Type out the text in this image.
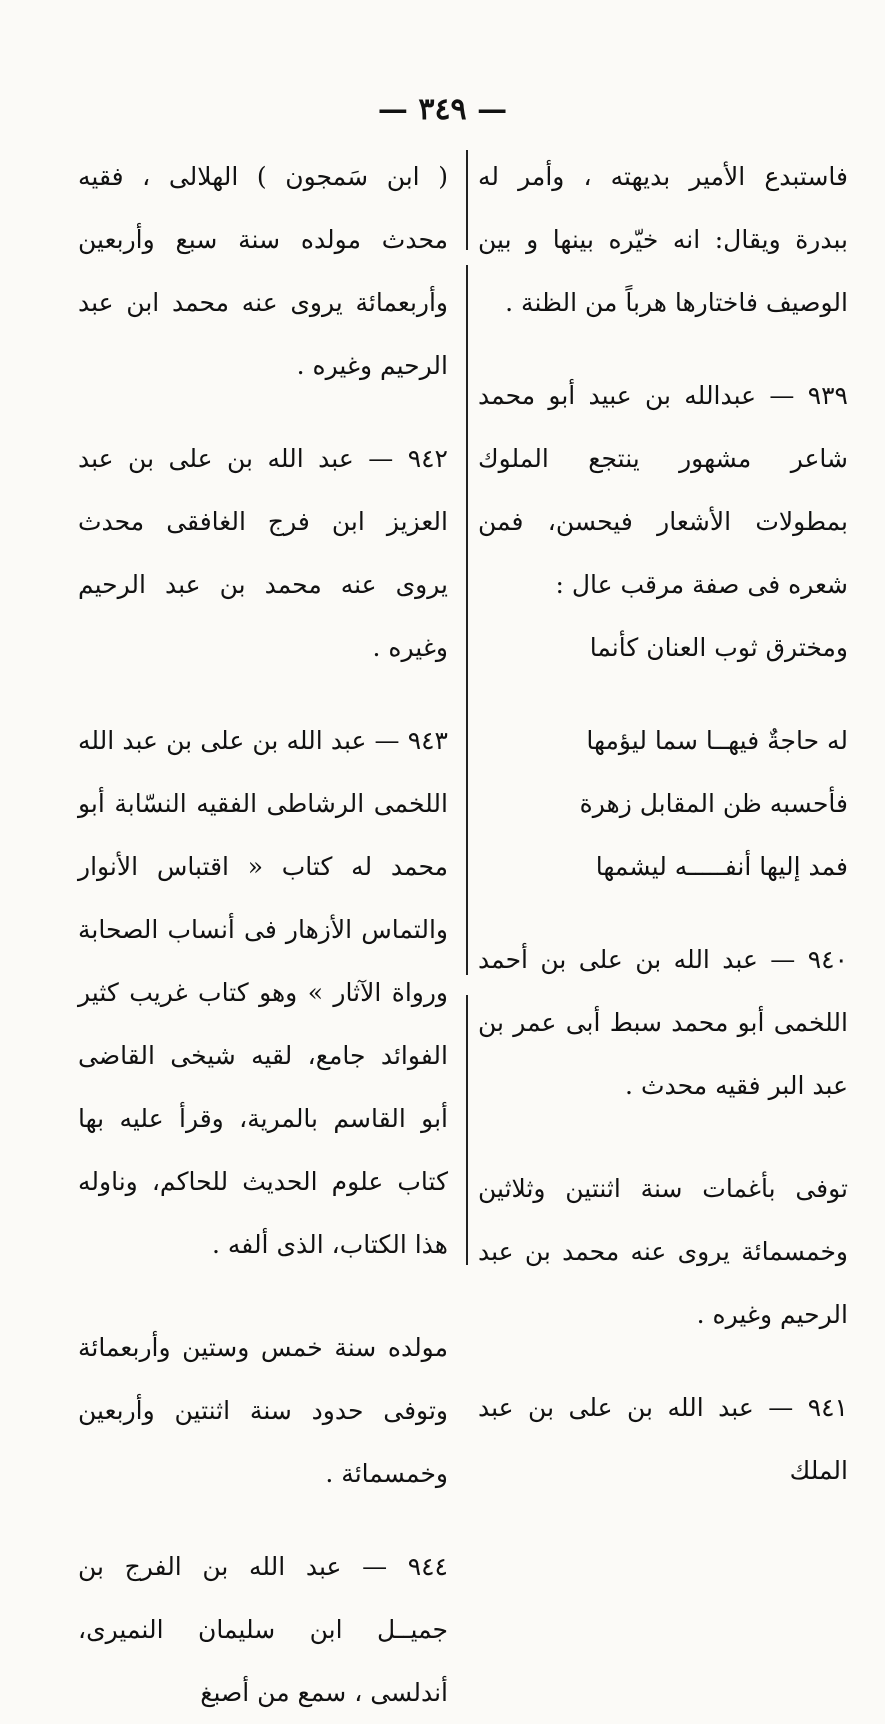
— ٣٤٩ —

فاستبدع الأمير بديهته ، وأمر له ببدرة ويقال: انه خيّره بينها و بين الوصيف فاختارها هرباً من الظنة .

٩٣٩ — عبدالله بن عبيد أبو محمد شاعر مشهور ينتجع الملوك بمطولات الأشعار فيحسن، فمن شعره فى صفة مرقب عال :

ومخترق ثوب العنان كأنما

له حاجةٌ فيهــا سما ليؤمها

فأحسبه ظن المقابل زهرة

فمد إليها أنفـــــه ليشمها

٩٤٠ — عبد الله بن على بن أحمد اللخمى أبو محمد سبط أبى عمر بن عبد البر فقيه محدث .

توفى بأغمات سنة اثنتين وثلاثين وخمسمائة يروى عنه محمد بن عبد الرحيم وغيره .

٩٤١ — عبد الله بن على بن عبد الملك

( ابن سَمجون ) الهلالى ، فقيه محدث مولده سنة سبع وأربعين وأربعمائة يروى عنه محمد ابن عبد الرحيم وغيره .

٩٤٢ — عبد الله بن على بن عبد العزيز ابن فرج الغافقى محدث يروى عنه محمد بن عبد الرحيم وغيره .

٩٤٣ — عبد الله بن على بن عبد الله اللخمى الرشاطى الفقيه النسّابة أبو محمد له كتاب « اقتباس الأنوار والتماس الأزهار فى أنساب الصحابة ورواة الآثار » وهو كتاب غريب كثير الفوائد جامع، لقيه شيخى القاضى أبو القاسم بالمرية، وقرأ عليه بها كتاب علوم الحديث للحاكم، وناوله هذا الكتاب، الذى ألفه .

مولده سنة خمس وستين وأربعمائة وتوفى حدود سنة اثنتين وأربعين وخمسمائة .

٩٤٤ — عبد الله بن الفرج بن جميــل ابن سليمان النميرى، أندلسى ، سمع من أصبغ
